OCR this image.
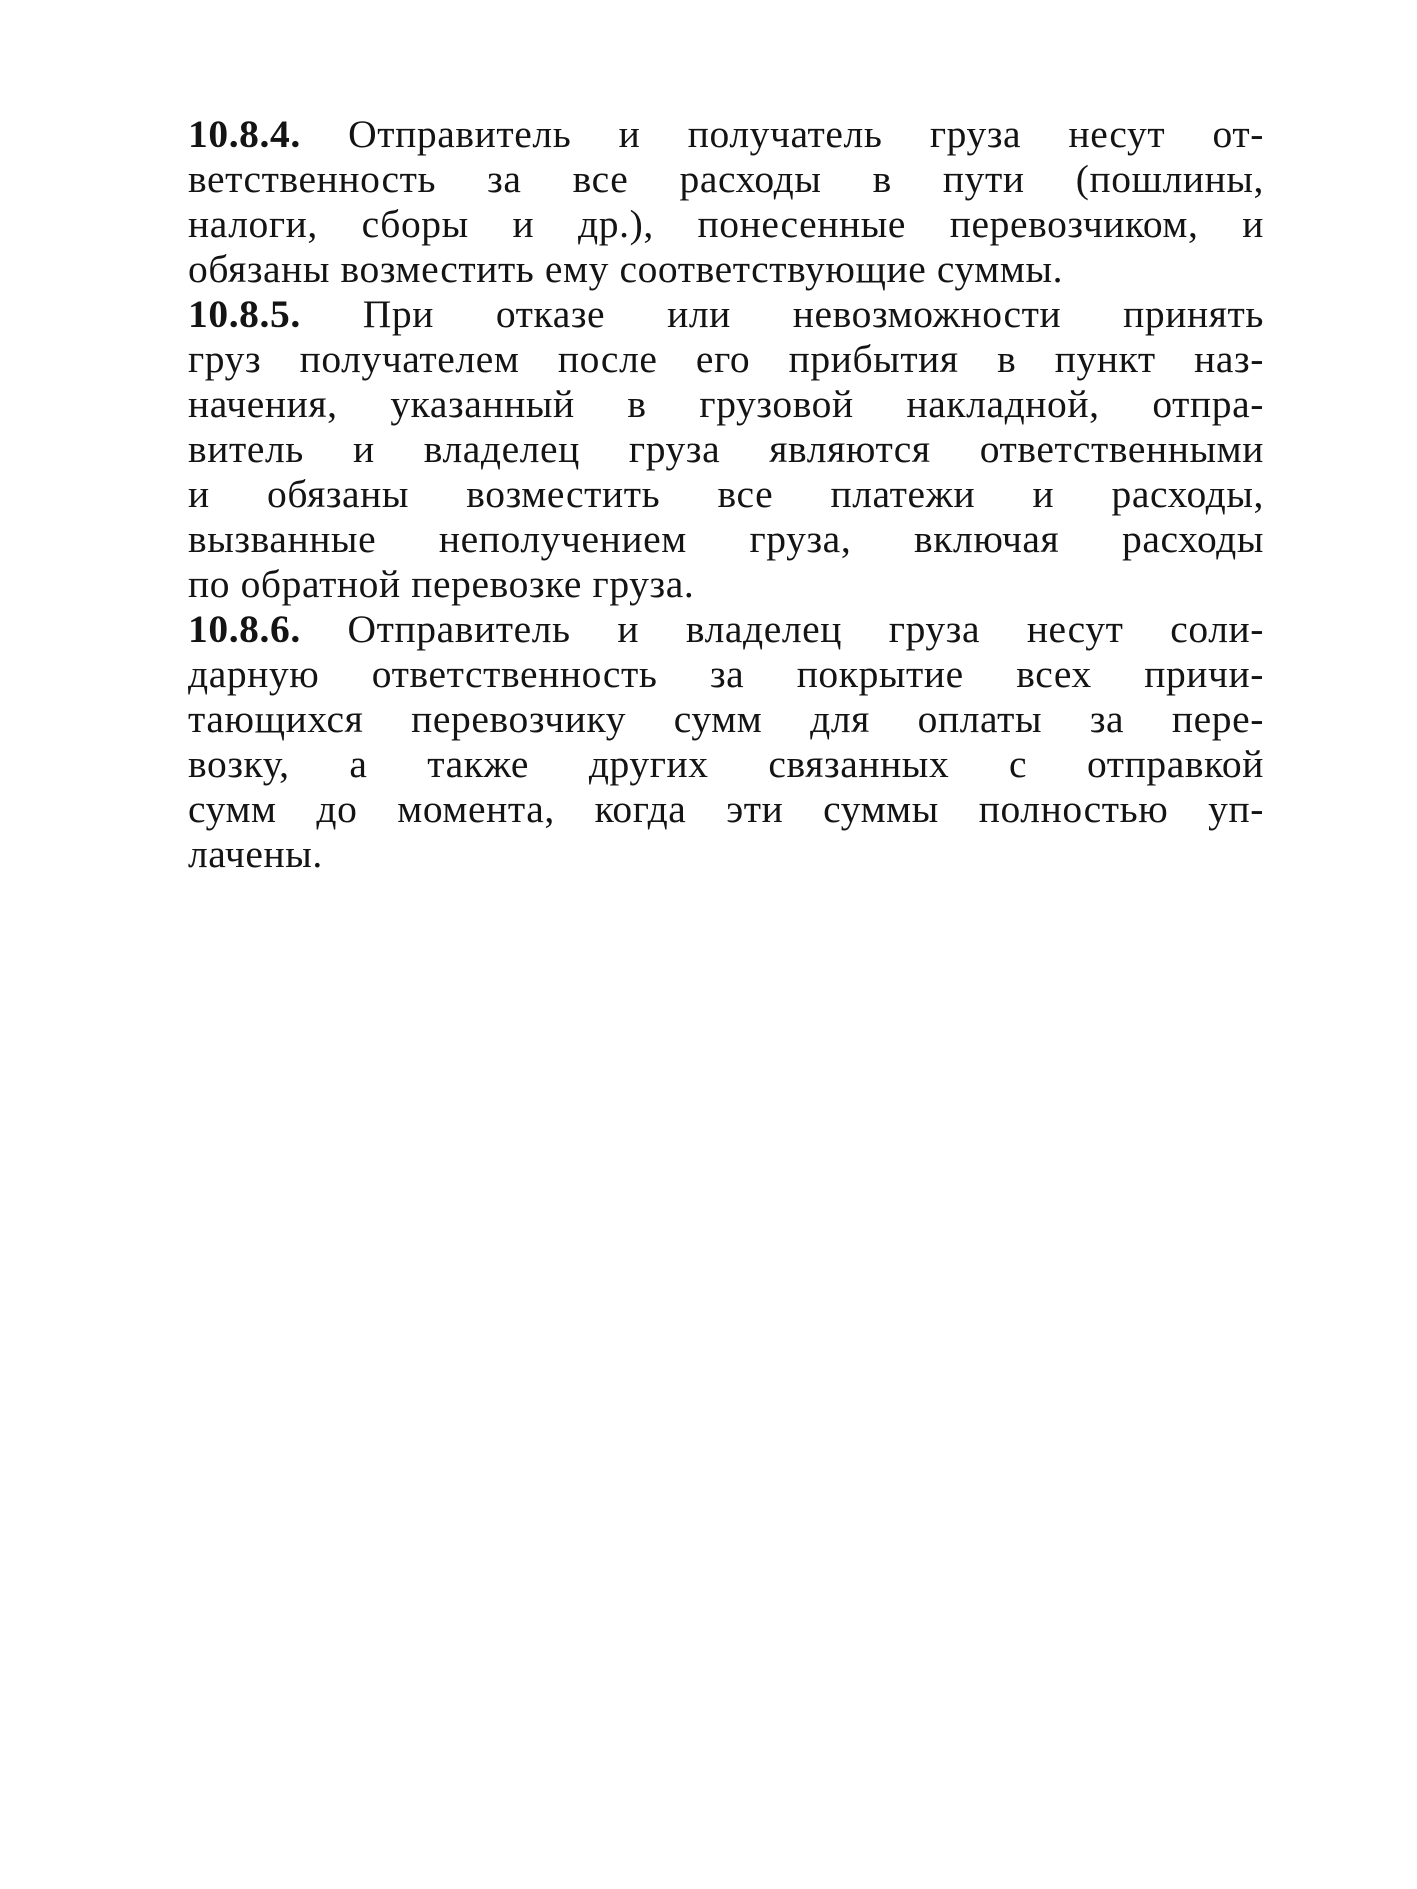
10.8.4. Отправитель и получатель груза несут от-
ветственность за все расходы в пути (пошлины,
налоги, сборы и др.), понесенные перевозчиком, и
обязаны возместить ему соответствующие суммы.
10.8.5. При отказе или невозможности принять
груз получателем после его прибытия в пункт наз-
начения, указанный в грузовой накладной, отпра-
витель и владелец груза являются ответственными
и обязаны возместить все платежи и расходы,
вызванные неполучением груза, включая расходы
по обратной перевозке груза.
10.8.6. Отправитель и владелец груза несут соли-
дарную ответственность за покрытие всех причи-
тающихся перевозчику сумм для оплаты за пере-
возку, а также других связанных с отправкой
сумм до момента, когда эти суммы полностью уп-
лачены.
